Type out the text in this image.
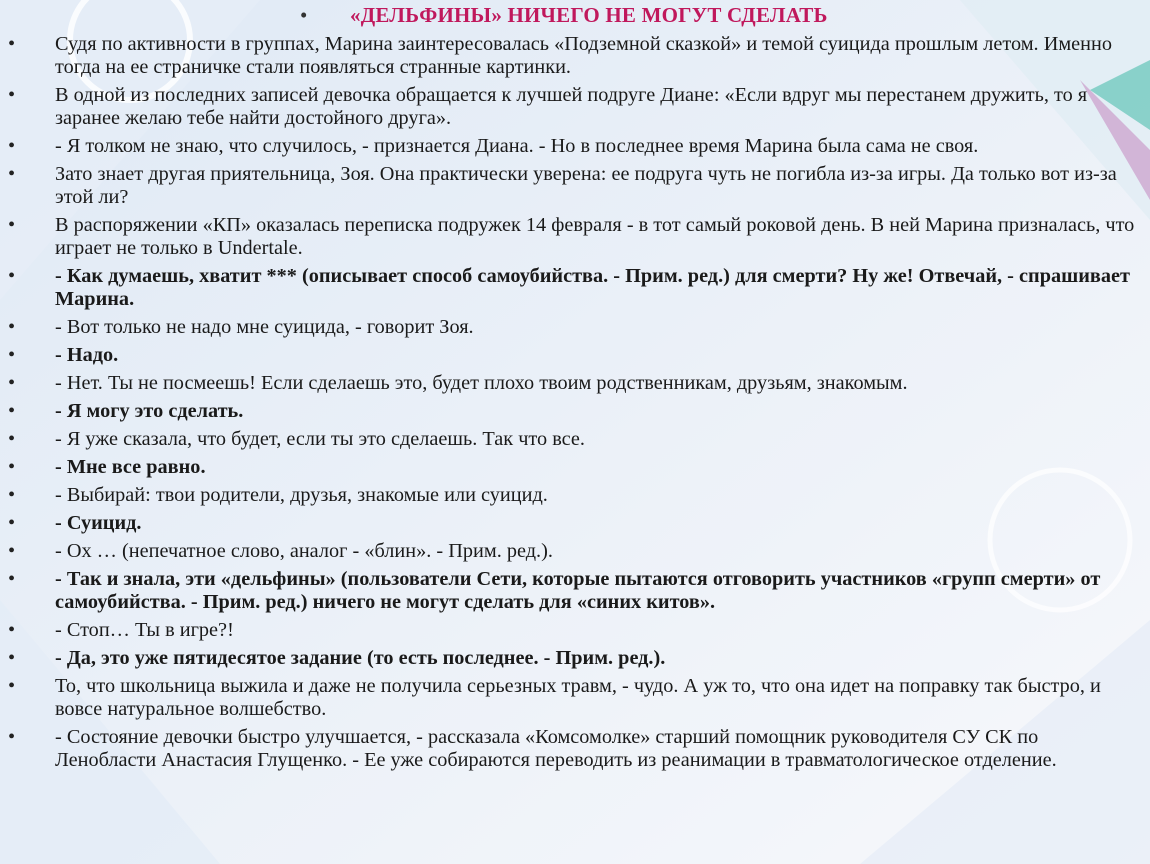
• «ДЕЛЬФИНЫ» НИЧЕГО НЕ МОГУТ СДЕЛАТЬ
• Судя по активности в группах, Марина заинтересовалась «Подземной сказкой» и темой суицида прошлым летом. Именно тогда на ее страничке стали появляться странные картинки.
• В одной из последних записей девочка обращается к лучшей подруге Диане: «Если вдруг мы перестанем дружить, то я заранее желаю тебе найти достойного друга».
• - Я толком не знаю, что случилось, - признается Диана. - Но в последнее время Марина была сама не своя.
• Зато знает другая приятельница, Зоя. Она практически уверена: ее подруга чуть не погибла из-за игры. Да только вот из-за этой ли?
• В распоряжении «КП» оказалась переписка подружек 14 февраля - в тот самый роковой день. В ней Марина призналась, что играет не только в Undertale.
• - Как думаешь, хватит *** (описывает способ самоубийства. - Прим. ред.) для смерти? Ну же! Отвечай, - спрашивает Марина.
• - Вот только не надо мне суицида, - говорит Зоя.
• - Надо.
• - Нет. Ты не посмеешь! Если сделаешь это, будет плохо твоим родственникам, друзьям, знакомым.
• - Я могу это сделать.
• - Я уже сказала, что будет, если ты это сделаешь. Так что все.
• - Мне все равно.
• - Выбирай: твои родители, друзья, знакомые или суицид.
• - Суицид.
• - Ох … (непечатное слово, аналог - «блин». - Прим. ред.).
• - Так и знала, эти «дельфины» (пользователи Сети, которые пытаются отговорить участников «групп смерти» от самоубийства. - Прим. ред.) ничего не могут сделать для «синих китов».
• - Стоп… Ты в игре?!
• - Да, это уже пятидесятое задание (то есть последнее. - Прим. ред.).
• То, что школьница выжила и даже не получила серьезных травм, - чудо. А уж то, что она идет на поправку так быстро, и вовсе натуральное волшебство.
• - Состояние девочки быстро улучшается, - рассказала «Комсомолке» старший помощник руководителя СУ СК по Ленобласти Анастасия Глущенко. - Ее уже собираются переводить из реанимации в травматологическое отделение.
